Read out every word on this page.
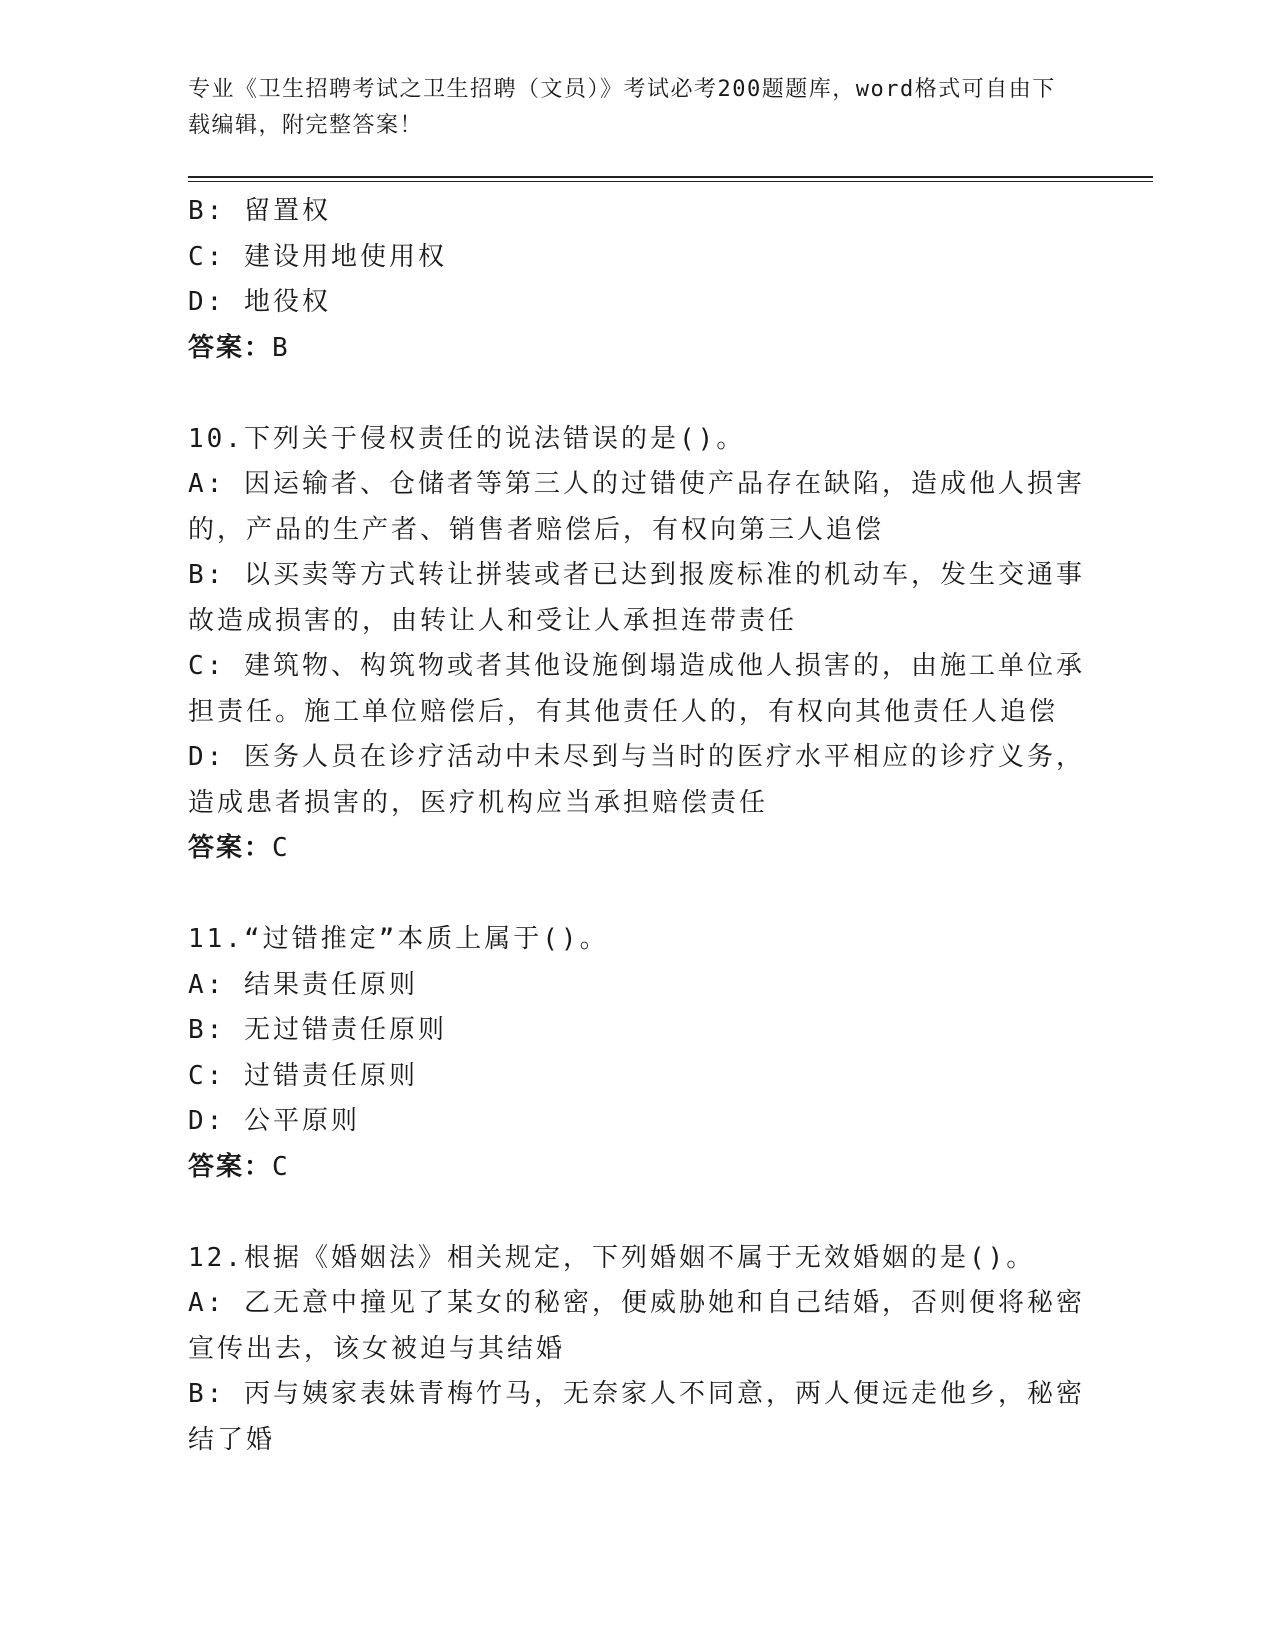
专业《卫生招聘考试之卫生招聘（文员）》考试必考200题题库，word格式可自由下载编辑，附完整答案！
B: 留置权
C: 建设用地使用权
D: 地役权
答案：B
10.下列关于侵权责任的说法错误的是()。
A: 因运输者、仓储者等第三人的过错使产品存在缺陷，造成他人损害的，产品的生产者、销售者赔偿后，有权向第三人追偿
B: 以买卖等方式转让拼装或者已达到报废标准的机动车，发生交通事故造成损害的，由转让人和受让人承担连带责任
C: 建筑物、构筑物或者其他设施倒塌造成他人损害的，由施工单位承担责任。施工单位赔偿后，有其他责任人的，有权向其他责任人追偿
D: 医务人员在诊疗活动中未尽到与当时的医疗水平相应的诊疗义务，造成患者损害的，医疗机构应当承担赔偿责任
答案：C
11.“过错推定”本质上属于()。
A: 结果责任原则
B: 无过错责任原则
C: 过错责任原则
D: 公平原则
答案：C
12.根据《婚姻法》相关规定，下列婚姻不属于无效婚姻的是()。
A: 乙无意中撞见了某女的秘密，便威胁她和自己结婚，否则便将秘密宣传出去，该女被迫与其结婚
B: 丙与姨家表妹青梅竹马，无奈家人不同意，两人便远走他乡，秘密结了婚
